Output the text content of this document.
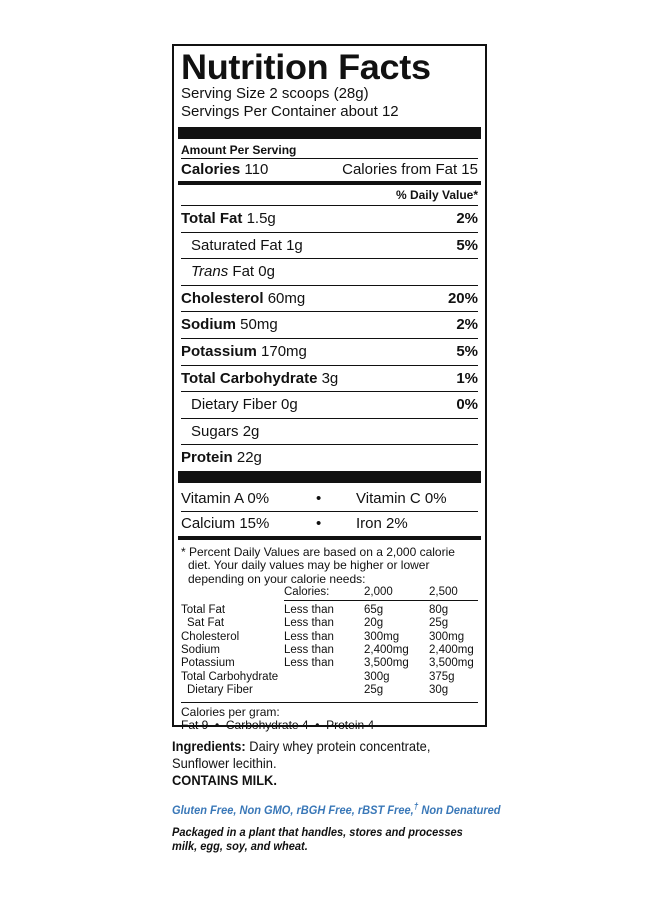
Nutrition Facts
Serving Size 2 scoops (28g)
Servings Per Container about 12
Amount Per Serving
Calories 110	Calories from Fat 15
% Daily Value*
Total Fat 1.5g	2%
Saturated Fat 1g	5%
Trans Fat 0g
Cholesterol 60mg	20%
Sodium 50mg	2%
Potassium 170mg	5%
Total Carbohydrate 3g	1%
Dietary Fiber 0g	0%
Sugars 2g
Protein 22g
Vitamin A 0%	•	Vitamin C 0%
Calcium 15%	•	Iron 2%
* Percent Daily Values are based on a 2,000 calorie
diet. Your daily values may be higher or lower
depending on your calorie needs:
	Calories:	2,000	2,500
Total Fat	Less than	65g	80g
Sat Fat	Less than	20g	25g
Cholesterol	Less than	300mg	300mg
Sodium	Less than	2,400mg	2,400mg
Potassium	Less than	3,500mg	3,500mg
Total Carbohydrate		300g	375g
Dietary Fiber		25g	30g
Calories per gram:
Fat 9  •  Carbohydrate 4  •  Protein 4
Ingredients: Dairy whey protein concentrate,
Sunflower lecithin.
CONTAINS MILK.
Gluten Free, Non GMO, rBGH Free, rBST Free,† Non Denatured
Packaged in a plant that handles, stores and processes
milk, egg, soy, and wheat.
